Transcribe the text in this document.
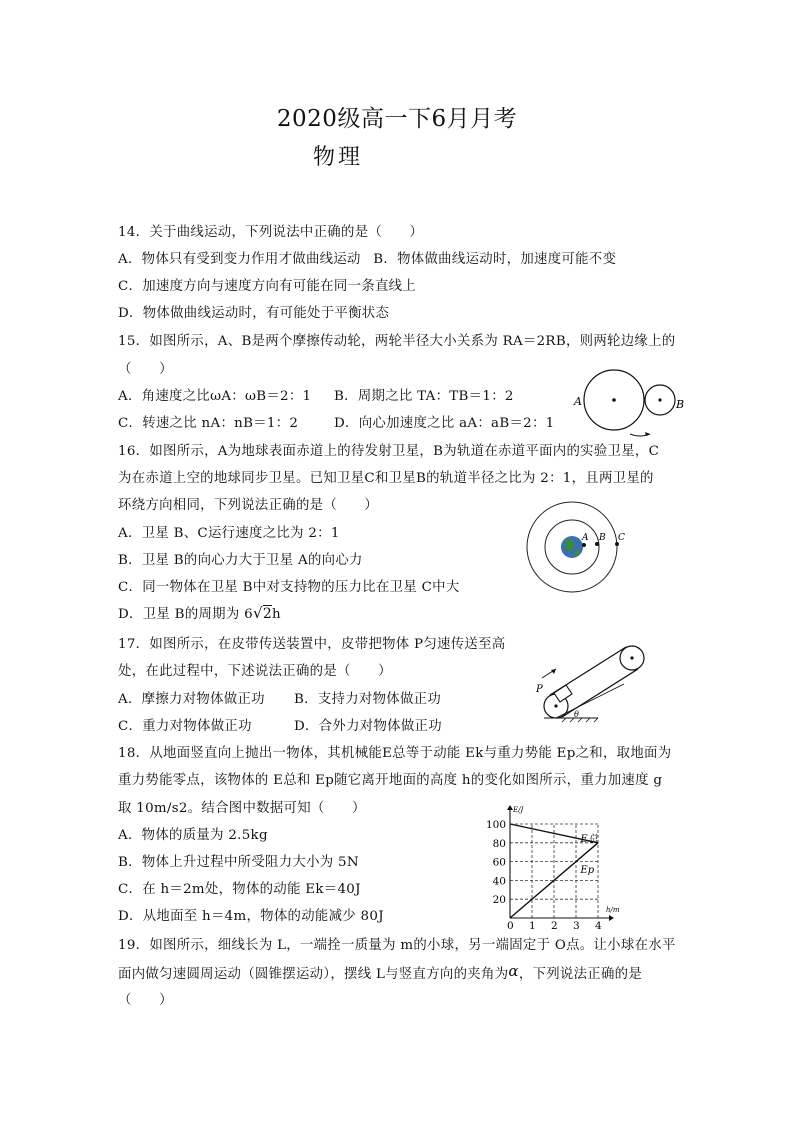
2020级高一下6月月考
物理
14．关于曲线运动，下列说法中正确的是（　　）
A．物体只有受到变力作用才做曲线运动 B．物体做曲线运动时，加速度可能不变
C．加速度方向与速度方向有可能在同一条直线上
D．物体做曲线运动时，有可能处于平衡状态
15．如图所示，A、B是两个摩擦传动轮，两轮半径大小关系为 RA＝2RB，则两轮边缘上的
（　　）
A．角速度之比ωA：ωB＝2：1 B．周期之比 TA：TB＝1：2
C．转速之比 nA：nB＝1：2	D．向心加速度之比 aA：aB＝2：1
A	B
16．如图所示，A为地球表面赤道上的待发射卫星，B为轨道在赤道平面内的实验卫星，C
为在赤道上空的地球同步卫星。已知卫星C和卫星B的轨道半径之比为 2：1，且两卫星的
环绕方向相同，下列说法正确的是（　　）
A．卫星 B、C运行速度之比为 2：1
B．卫星 B的向心力大于卫星 A的向心力
C．同一物体在卫星 B中对支持物的压力比在卫星 C中大
D．卫星 B的周期为 6√2h
A B C
17．如图所示，在皮带传送装置中，皮带把物体 P匀速传送至高
处，在此过程中，下述说法正确的是（　　）
A．摩擦力对物体做正功 B．支持力对物体做正功
C．重力对物体做正功	D．合外力对物体做正功
P
θ
18．从地面竖直向上抛出一物体，其机械能E总等于动能 Ek与重力势能 Ep之和，取地面为
重力势能零点，该物体的 E总和 Ep随它离开地面的高度 h的变化如图所示，重力加速度 g
取 10m/s2。结合图中数据可知（　　）
A．物体的质量为 2.5kg
B．物体上升过程中所受阻力大小为 5N
C．在 h＝2m处，物体的动能 Ek＝40J
D．从地面至 h＝4m，物体的动能减少 80J
0 1 2 3 4
20
40
60
80
100
E/J
h/m
E总
Ep
19．如图所示，细线长为 L，一端拴一质量为 m的小球，另一端固定于 O点。让小球在水平
面内做匀速圆周运动（圆锥摆运动），摆线 L与竖直方向的夹角为α，下列说法正确的是
（　　）
